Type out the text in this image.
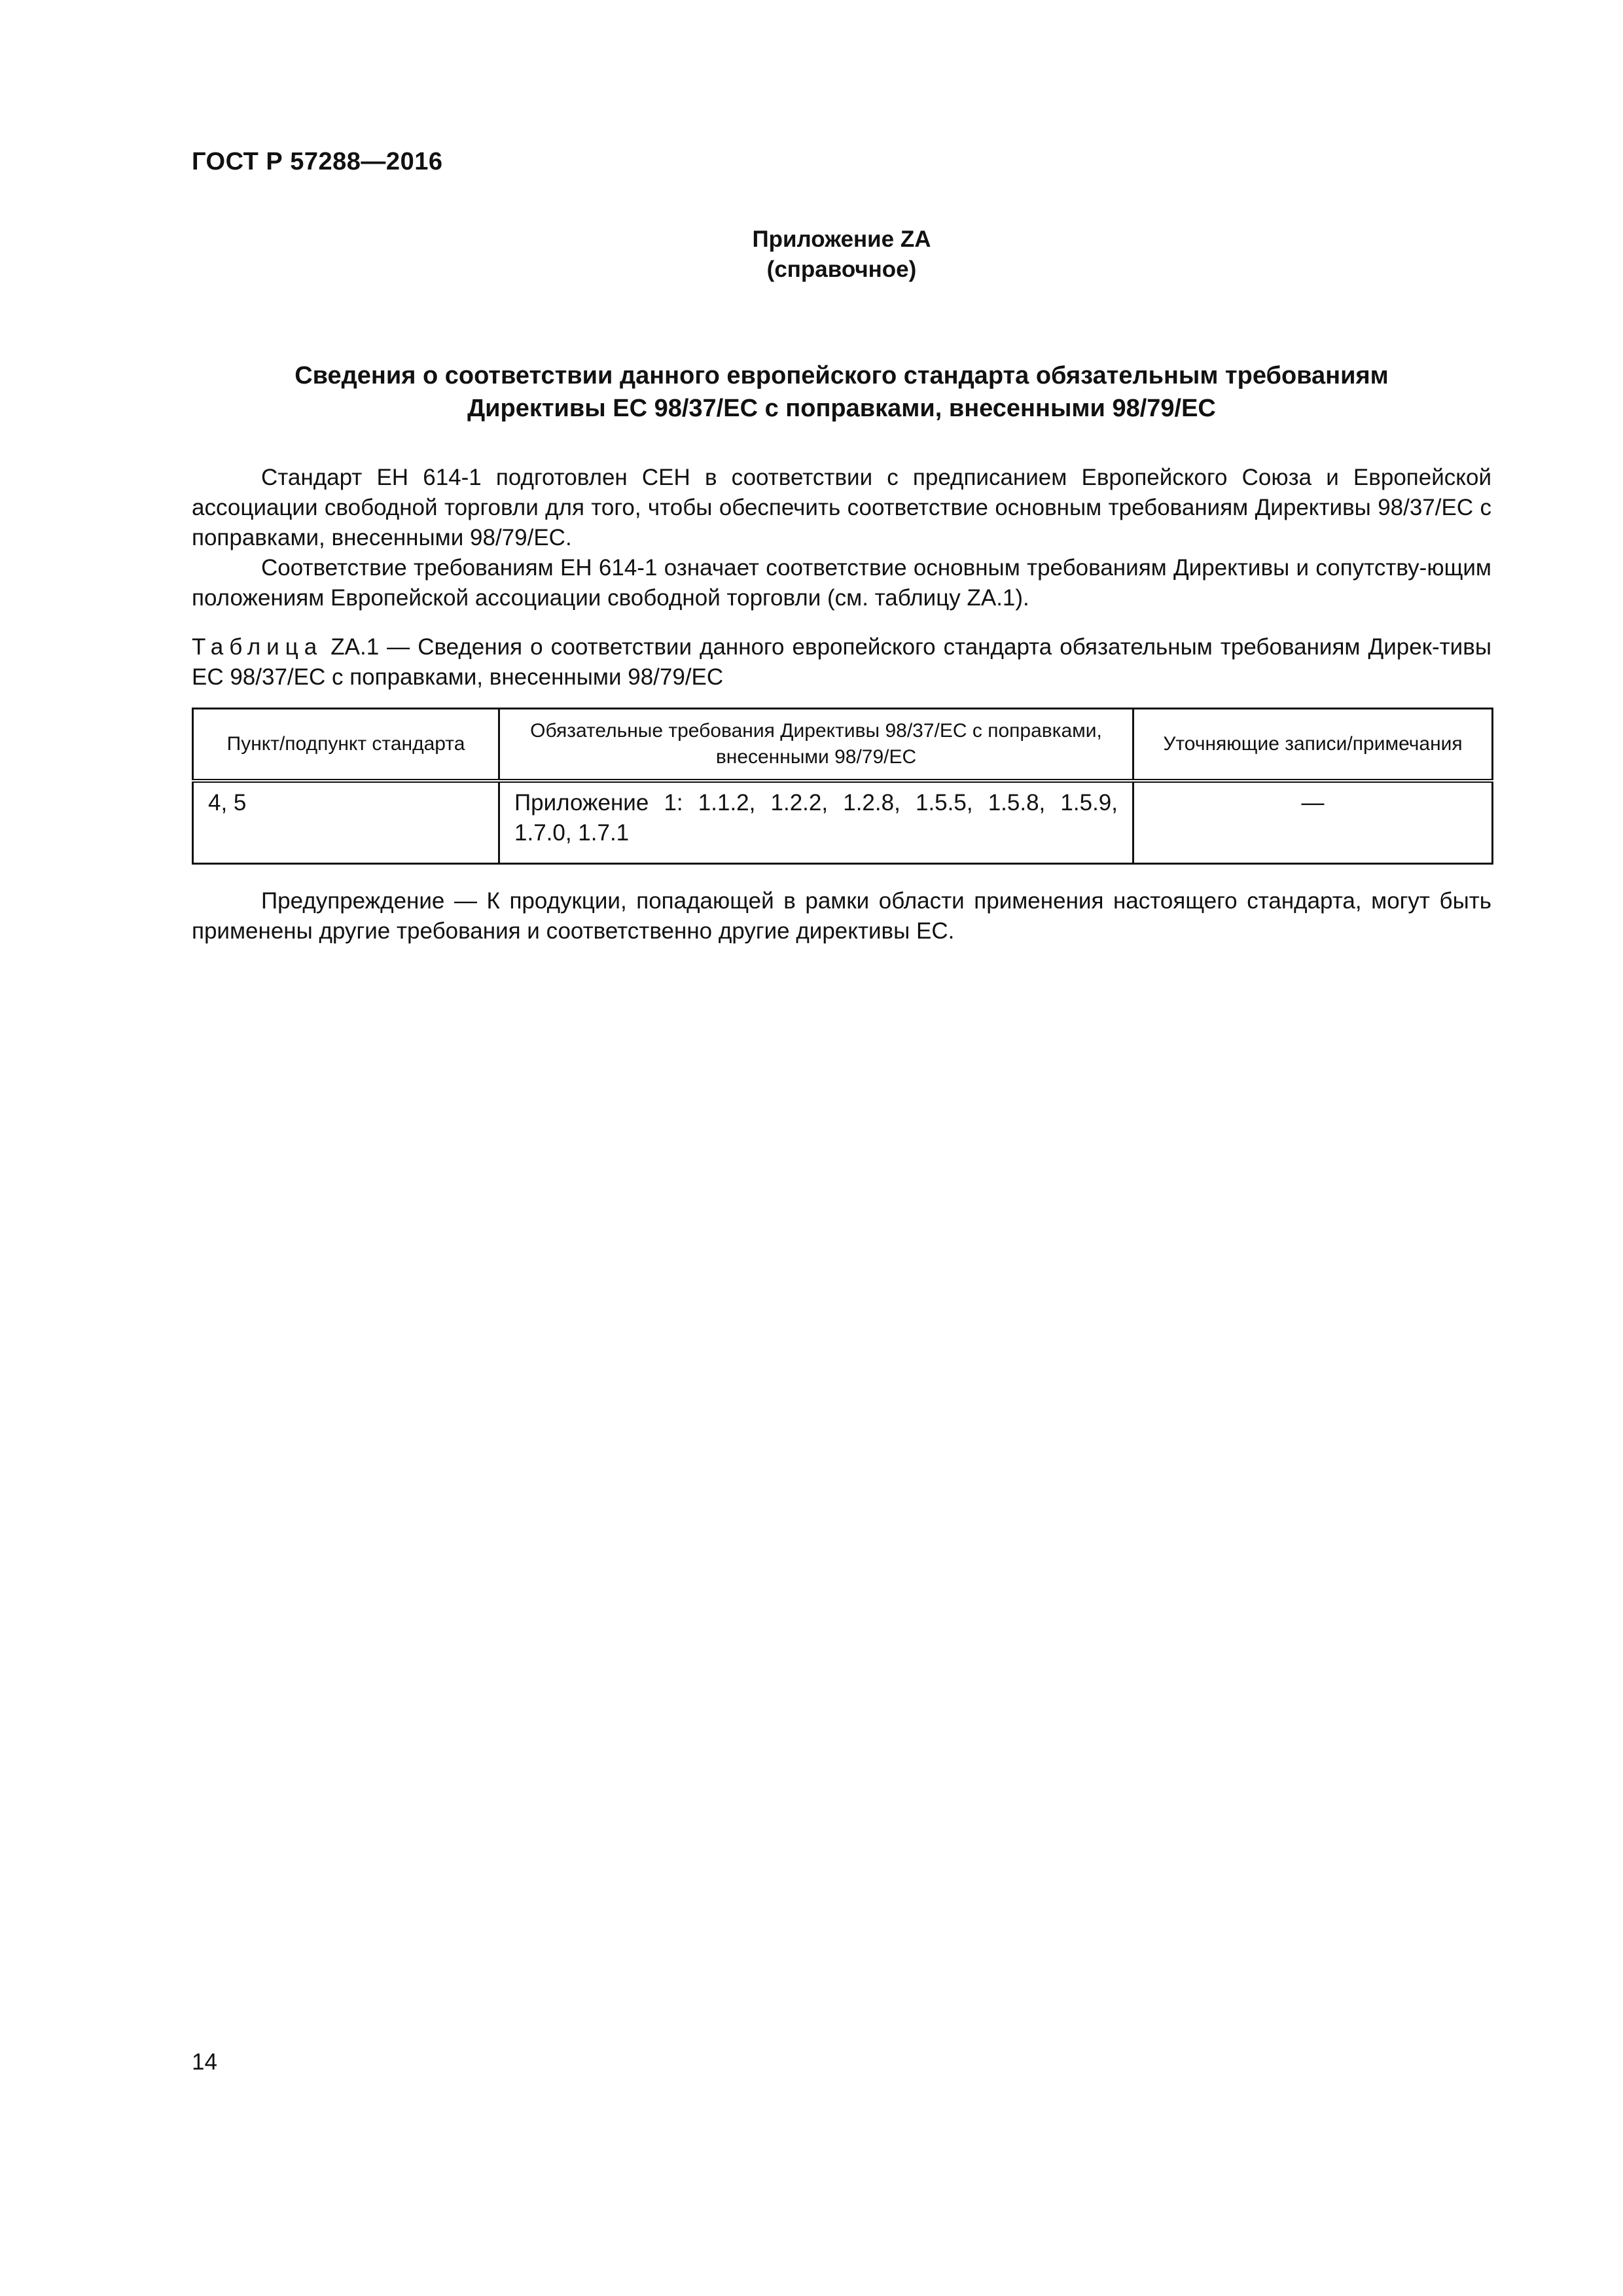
ГОСТ Р 57288—2016
Приложение ZA
(справочное)
Сведения о соответствии данного европейского стандарта обязательным требованиям
Директивы ЕС 98/37/ЕС с поправками, внесенными 98/79/ЕС

Стандарт ЕН 614-1 подготовлен СЕН в соответствии с предписанием Европейского Союза и Европейской ассоциации свободной торговли для того, чтобы обеспечить соответствие основным требованиям Директивы 98/37/ЕС с поправками, внесенными 98/79/ЕС.

Соответствие требованиям ЕН 614-1 означает соответствие основным требованиям Директивы и сопутству-ющим положениям Европейской ассоциации свободной торговли (см. таблицу ZA.1).

Таблица ZA.1 — Сведения о соответствии данного европейского стандарта обязательным требованиям Дирек-тивы ЕС 98/37/ЕС с поправками, внесенными 98/79/ЕС
Пункт/подпункт стандарта	Обязательные требования Директивы 98/37/ЕС с поправками, внесенными 98/79/ЕС	Уточняющие записи/примечания
4, 5	Приложение 1: 1.1.2, 1.2.2, 1.2.8, 1.5.5, 1.5.8, 1.5.9, 1.7.0, 1.7.1	—

Предупреждение — К продукции, попадающей в рамки области применения настоящего стандарта, могут быть применены другие требования и соответственно другие директивы ЕС.

14
